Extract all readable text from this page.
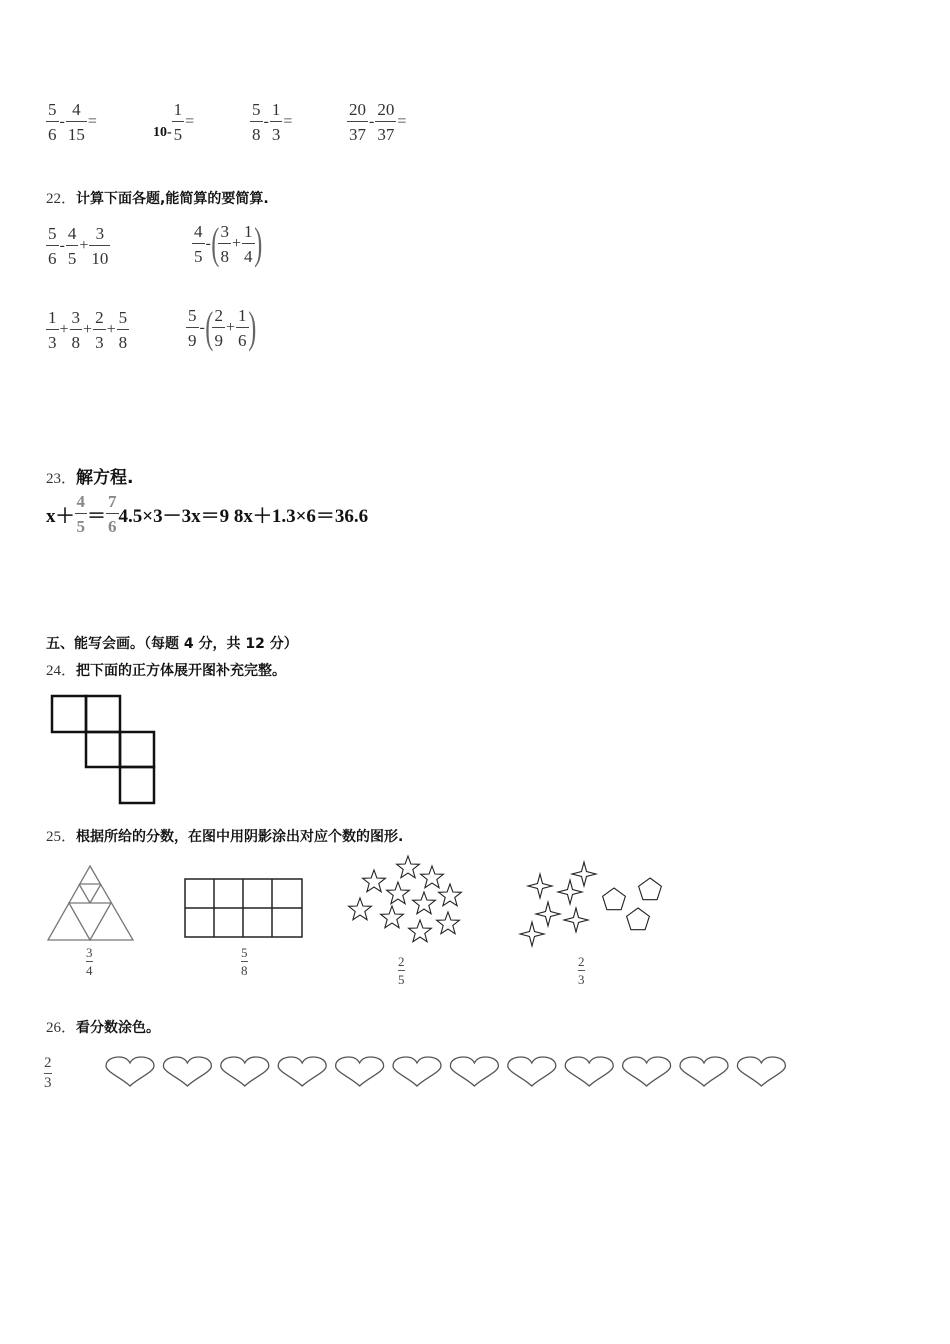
$\frac{5}{6} - \frac{4}{15}$ =
$10- \frac{1}{5}$ =	$\frac{5}{8} - \frac{1}{3}$ =	$\frac{20}{37} - \frac{20}{37}$ =
22．计算下面各题,能简算的要简算.
$\frac{5}{6} - \frac{4}{5} + \frac{3}{10}$	$\frac{4}{5}$ - ( $\frac{3}{8} + \frac{1}{4}$ )
$\frac{1}{3} + \frac{3}{8} + \frac{2}{3} + \frac{5}{8}$	$\frac{5}{9}$ - ( $\frac{2}{9} + \frac{1}{6}$ )
23．解方程.
$x+ \frac{4}{5} = \frac{7}{6} 4.5\times 3-3x=9$ 8x＋1.3×6＝36.6
五、能写会画。（每题 4 分，共 12 分）
24．把下面的正方体展开图补充完整。
25．根据所给的分数，在图中用阴影涂出对应个数的图形.
$\frac{3}{4}$	$\frac{5}{8}$	$\frac{2}{5}$	$\frac{2}{3}$
26．看分数涂色。
$\frac{2}{3}$
